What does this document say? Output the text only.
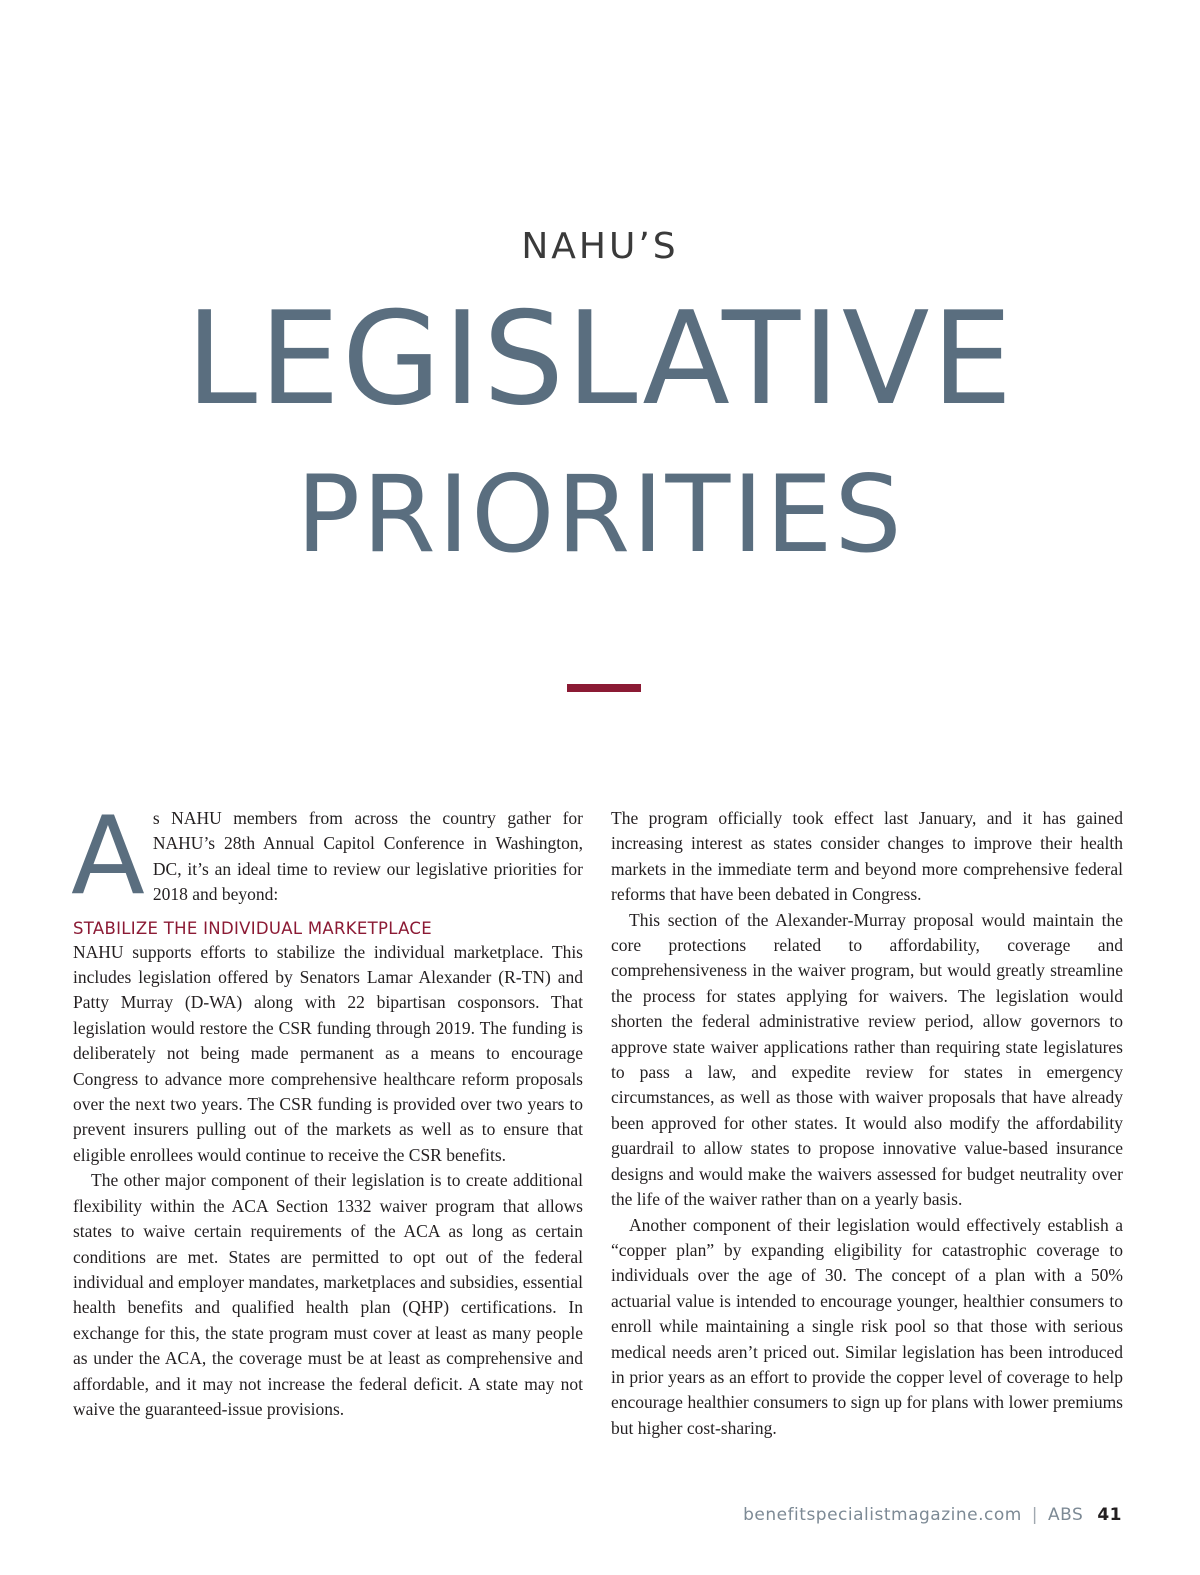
NAHU’S
LEGISLATIVE
PRIORITIES

As NAHU members from across the country gather for NAHU’s 28th Annual Capitol Conference in Washington, DC, it’s an ideal time to review our legislative priorities for 2018 and beyond:

STABILIZE THE INDIVIDUAL MARKETPLACE

NAHU supports efforts to stabilize the individual marketplace. This includes legislation offered by Senators Lamar Alexander (R-TN) and Patty Murray (D-WA) along with 22 bipartisan cosponsors. That legislation would restore the CSR funding through 2019. The funding is deliberately not being made permanent as a means to encourage Congress to advance more comprehensive healthcare reform proposals over the next two years. The CSR funding is provided over two years to prevent insurers pulling out of the markets as well as to ensure that eligible enrollees would continue to receive the CSR benefits.

The other major component of their legislation is to create additional flexibility within the ACA Section 1332 waiver program that allows states to waive certain requirements of the ACA as long as certain conditions are met. States are permitted to opt out of the federal individual and employer mandates, marketplaces and subsidies, essential health benefits and qualified health plan (QHP) certifications. In exchange for this, the state program must cover at least as many people as under the ACA, the coverage must be at least as comprehensive and affordable, and it may not increase the federal deficit. A state may not waive the guaranteed-issue provisions.

The program officially took effect last January, and it has gained increasing interest as states consider changes to improve their health markets in the immediate term and beyond more comprehensive federal reforms that have been debated in Congress.

This section of the Alexander-Murray proposal would maintain the core protections related to affordability, coverage and comprehensiveness in the waiver program, but would greatly streamline the process for states applying for waivers. The legislation would shorten the federal administrative review period, allow governors to approve state waiver applications rather than requiring state legislatures to pass a law, and expedite review for states in emergency circumstances, as well as those with waiver proposals that have already been approved for other states. It would also modify the affordability guardrail to allow states to propose innovative value-based insurance designs and would make the waivers assessed for budget neutrality over the life of the waiver rather than on a yearly basis.

Another component of their legislation would effectively establish a “copper plan” by expanding eligibility for catastrophic coverage to individuals over the age of 30. The concept of a plan with a 50% actuarial value is intended to encourage younger, healthier consumers to enroll while maintaining a single risk pool so that those with serious medical needs aren’t priced out. Similar legislation has been introduced in prior years as an effort to provide the copper level of coverage to help encourage healthier consumers to sign up for plans with lower premiums but higher cost-sharing.

benefitspecialistmagazine.com | ABS 41
